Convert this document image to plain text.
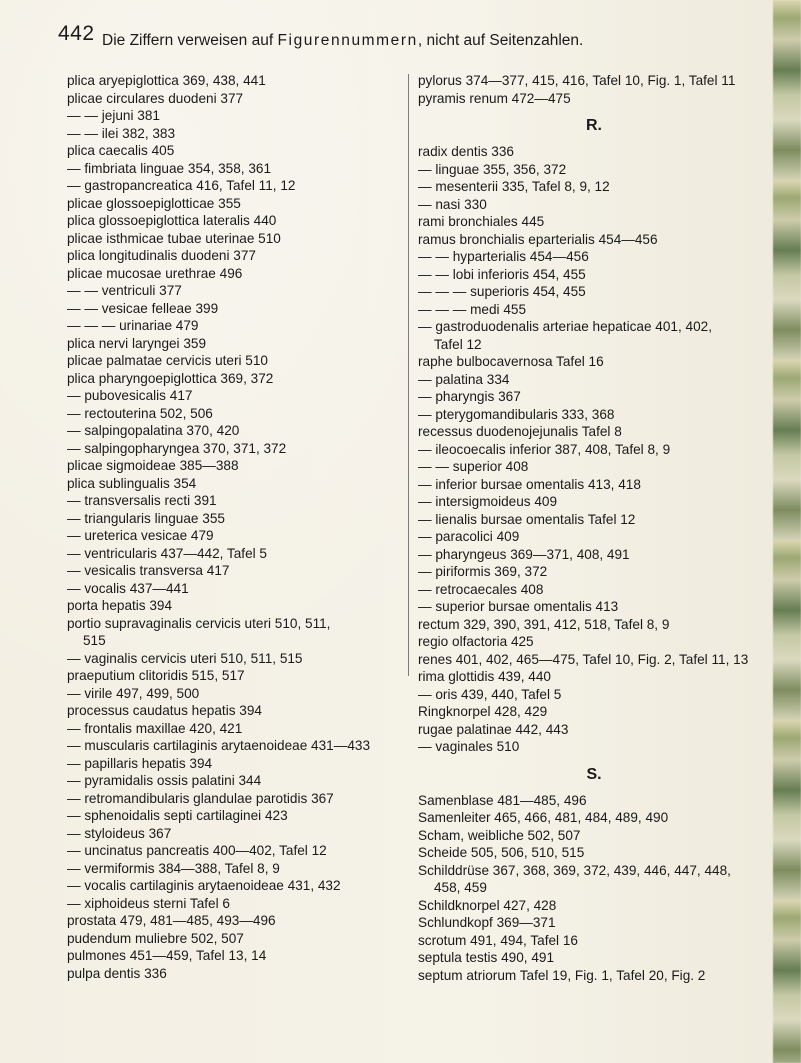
442 Die Ziffern verweisen auf Figurennummern, nicht auf Seitenzahlen.
plica aryepiglottica 369, 438, 441
plicae circulares duodeni 377
— — jejuni 381
— — ilei 382, 383
plica caecalis 405
— fimbriata linguae 354, 358, 361
— gastropancreatica 416, Tafel 11, 12
plicae glossoepiglotticae 355
plica glossoepiglottica lateralis 440
plicae isthmicae tubae uterinae 510
plica longitudinalis duodeni 377
plicae mucosae urethrae 496
— — ventriculi 377
— — vesicae felleae 399
— — — urinariae 479
plica nervi laryngei 359
plicae palmatae cervicis uteri 510
plica pharyngoepiglottica 369, 372
— pubovesicalis 417
— rectouterina 502, 506
— salpingopalatina 370, 420
— salpingopharyngea 370, 371, 372
plicae sigmoideae 385—388
plica sublingualis 354
— transversalis recti 391
— triangularis linguae 355
— ureterica vesicae 479
— ventricularis 437—442, Tafel 5
— vesicalis transversa 417
— vocalis 437—441
porta hepatis 394
portio supravaginalis cervicis uteri 510, 511,
515
— vaginalis cervicis uteri 510, 511, 515
praeputium clitoridis 515, 517
— virile 497, 499, 500
processus caudatus hepatis 394
— frontalis maxillae 420, 421
— muscularis cartilaginis arytaenoideae 431—433
— papillaris hepatis 394
— pyramidalis ossis palatini 344
— retromandibularis glandulae parotidis 367
— sphenoidalis septi cartilaginei 423
— styloideus 367
— uncinatus pancreatis 400—402, Tafel 12
— vermiformis 384—388, Tafel 8, 9
— vocalis cartilaginis arytaenoideae 431, 432
— xiphoideus sterni Tafel 6
prostata 479, 481—485, 493—496
pudendum muliebre 502, 507
pulmones 451—459, Tafel 13, 14
pulpa dentis 336
pylorus 374—377, 415, 416, Tafel 10, Fig. 1, Tafel 11
pyramis renum 472—475
R.
radix dentis 336
— linguae 355, 356, 372
— mesenterii 335, Tafel 8, 9, 12
— nasi 330
rami bronchiales 445
ramus bronchialis eparterialis 454—456
— — hyparterialis 454—456
— — lobi inferioris 454, 455
— — — superioris 454, 455
— — — medi 455
— gastroduodenalis arteriae hepaticae 401, 402,
Tafel 12
raphe bulbocavernosa Tafel 16
— palatina 334
— pharyngis 367
— pterygomandibularis 333, 368
recessus duodenojejunalis Tafel 8
— ileocoecalis inferior 387, 408, Tafel 8, 9
— — superior 408
— inferior bursae omentalis 413, 418
— intersigmoideus 409
— lienalis bursae omentalis Tafel 12
— paracolici 409
— pharyngeus 369—371, 408, 491
— piriformis 369, 372
— retrocaecales 408
— superior bursae omentalis 413
rectum 329, 390, 391, 412, 518, Tafel 8, 9
regio olfactoria 425
renes 401, 402, 465—475, Tafel 10, Fig. 2, Tafel 11, 13
rima glottidis 439, 440
— oris 439, 440, Tafel 5
Ringknorpel 428, 429
rugae palatinae 442, 443
— vaginales 510
S.
Samenblase 481—485, 496
Samenleiter 465, 466, 481, 484, 489, 490
Scham, weibliche 502, 507
Scheide 505, 506, 510, 515
Schilddrüse 367, 368, 369, 372, 439, 446, 447, 448,
458, 459
Schildknorpel 427, 428
Schlundkopf 369—371
scrotum 491, 494, Tafel 16
septula testis 490, 491
septum atriorum Tafel 19, Fig. 1, Tafel 20, Fig. 2
